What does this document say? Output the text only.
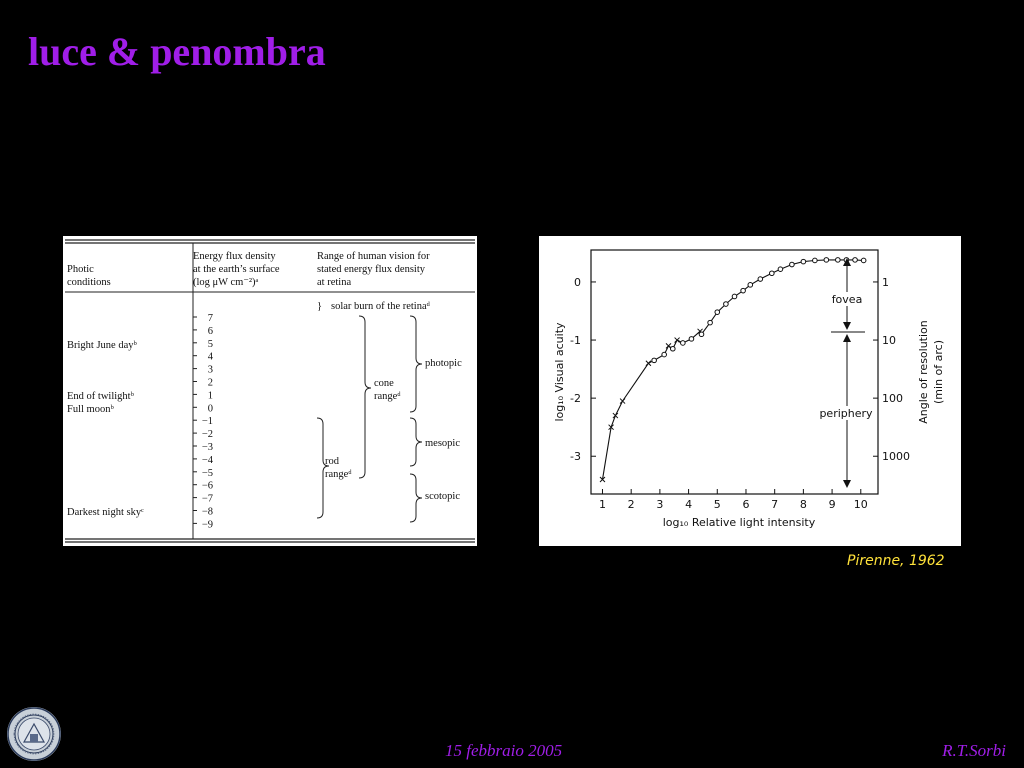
luce & penombra
Photic
conditions
Energy flux density
at the earth’s surface
(log μW cm⁻²)ᵃ
Range of human vision for
stated energy flux density
at retina
7
6
5
4
3
2
1
0
−1
−2
−3
−4
−5
−6
−7
−8
−9
Bright June dayᵇ
End of twilightᵇ
Full moonᵇ
Darkest night skyᶜ
} solar burn of the retinaᵈ
cone
rangeᵈ
rod
rangeᵈ
photopic
mesopic
scotopic
1 2 3 4 5 6 7 8 9 10
0
-1
-2
-3
1
10
100
1000
log₁₀ Relative light intensity
log₁₀ Visual acuity	Angle of resolution (min of arc)
fovea
periphery
Pirenne, 1962
15 febbraio 2005	R.T.Sorbi
